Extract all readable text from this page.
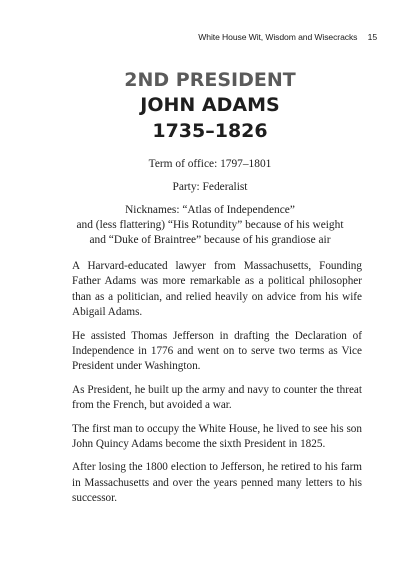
White House Wit, Wisdom and Wisecracks 15
2ND PRESIDENT
JOHN ADAMS
1735–1826
Term of office: 1797–1801
Party: Federalist
Nicknames: “Atlas of Independence”
and (less flattering) “His Rotundity” because of his weight
and “Duke of Braintree” because of his grandiose air

A Harvard-educated lawyer from Massachusetts, Founding Father Adams was more remarkable as a political philosopher than as a politician, and relied heavily on advice from his wife Abigail Adams.

He assisted Thomas Jefferson in drafting the Declaration of Independence in 1776 and went on to serve two terms as Vice President under Washington.

As President, he built up the army and navy to counter the threat from the French, but avoided a war.

The first man to occupy the White House, he lived to see his son John Quincy Adams become the sixth President in 1825.

After losing the 1800 election to Jefferson, he retired to his farm in Massachusetts and over the years penned many letters to his successor.
